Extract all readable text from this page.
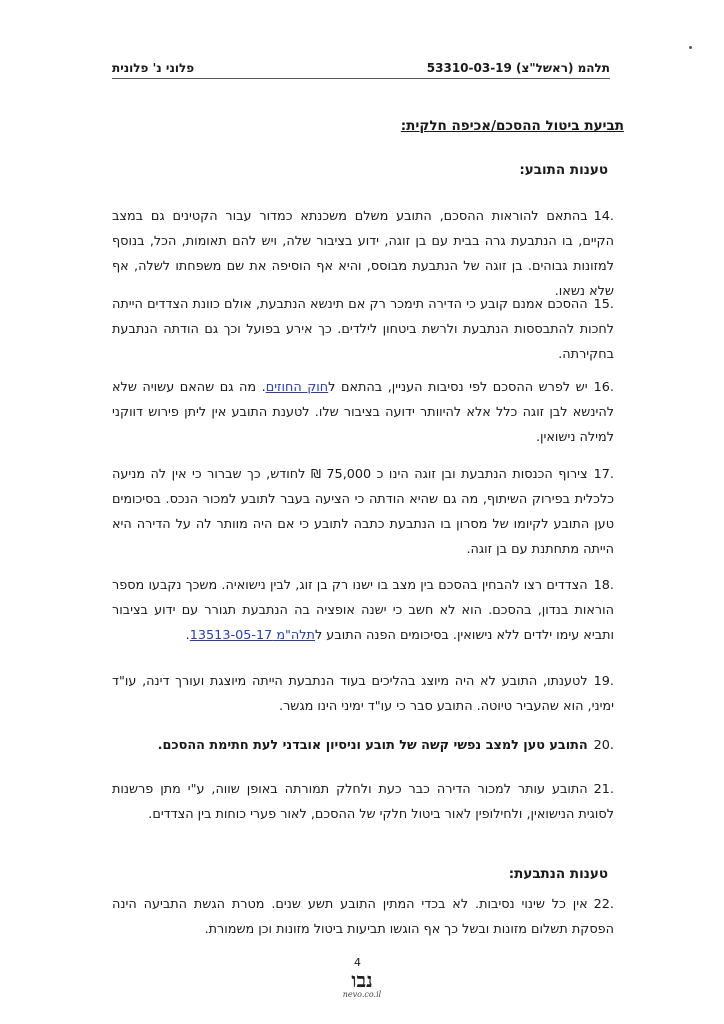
פלוני נ' פלונית	תלהמ (ראשל"צ) 53310-03-19
תביעת ביטול ההסכם/אכיפה חלקית:
טענות התובע:
.14בהתאם להוראות ההסכם, התובע משלם משכנתא כמדור עבור הקטינים גם במצב הקיים, בו הנתבעת גרה בבית עם בן זוגה, ידוע בציבור שלה, ויש להם תאומות, הכל, בנוסף למזונות גבוהים. בן זוגה של הנתבעת מבוסס, והיא אף הוסיפה את שם משפחתו לשלה, אף שלא נשאו.
.15ההסכם אמנם קובע כי הדירה תימכר רק אם תינשא הנתבעת, אולם כוונת הצדדים הייתה לחכות להתבססות הנתבעת ולרשת ביטחון לילדים. כך אירע בפועל וכך גם הודתה הנתבעת בחקירתה.
.16יש לפרש ההסכם לפי נסיבות העניין, בהתאם לחוק החוזים. מה גם שהאם עשויה שלא להינשא לבן זוגה כלל אלא להיוותר ידועה בציבור שלו. לטענת התובע אין ליתן פירוש דווקני למילה נישואין.
.17צירוף הכנסות הנתבעת ובן זוגה הינו כ 75,000 ₪ לחודש, כך שברור כי אין לה מניעה כלכלית בפירוק השיתוף, מה גם שהיא הודתה כי הציעה בעבר לתובע למכור הנכס. בסיכומים טען התובע לקיומו של מסרון בו הנתבעת כתבה לתובע כי אם היה מוותר לה על הדירה היא הייתה מתחתנת עם בן זוגה.
.18הצדדים רצו להבחין בהסכם בין מצב בו ישנו רק בן זוג, לבין נישואיה. משכך נקבעו מספר הוראות בנדון, בהסכם. הוא לא חשב כי ישנה אופציה בה הנתבעת תגורר עם ידוע בציבור ותביא עימו ילדים ללא נישואין. בסיכומים הפנה התובע לתלה"מ 13513-05-17.
.19לטענתו, התובע לא היה מיוצג בהליכים בעוד הנתבעת הייתה מיוצגת ועורך דינה, עו"ד ימיני, הוא שהעביר טיוטה. התובע סבר כי עו"ד ימיני הינו מגשר.
.20התובע טען למצב נפשי קשה של תובע וניסיון אובדני לעת חתימת ההסכם.
.21התובע עותר למכור הדירה כבר כעת ולחלק תמורתה באופן שווה, ע"י מתן פרשנות לסוגית הנישואין, ולחילופין לאור ביטול חלקי של ההסכם, לאור פערי כוחות בין הצדדים.
טענות הנתבעת:
.22אין כל שינוי נסיבות. לא בכדי המתין התובע תשע שנים. מטרת הגשת התביעה הינה הפסקת תשלום מזונות ובשל כך אף הוגשו תביעות ביטול מזונות וכן משמורת.
4
נבו
nevo.co.il
